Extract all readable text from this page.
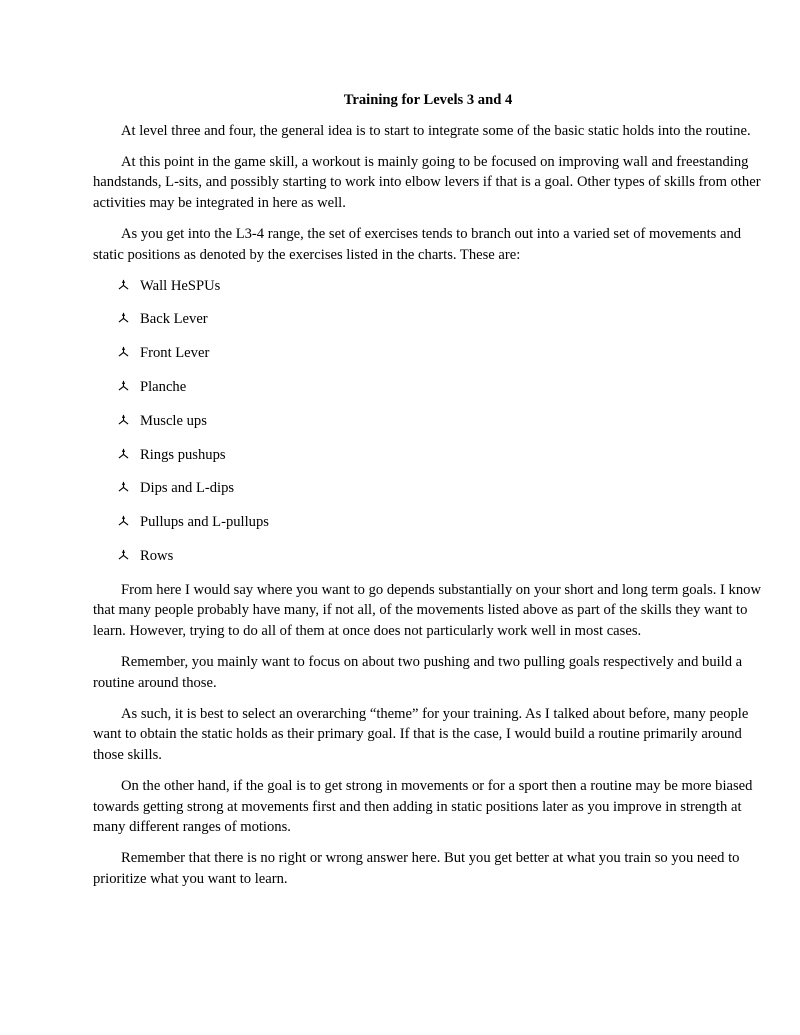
Training for Levels 3 and 4

At level three and four, the general idea is to start to integrate some of the basic static holds into the routine.

At this point in the game skill, a workout is mainly going to be focused on improving wall and freestanding handstands, L-sits, and possibly starting to work into elbow levers if that is a goal. Other types of skills from other activities may be integrated in here as well.

As you get into the L3-4 range, the set of exercises tends to branch out into a varied set of movements and static positions as denoted by the exercises listed in the charts. These are:

Wall HeSPUs
Back Lever
Front Lever
Planche
Muscle ups
Rings pushups
Dips and L-dips
Pullups and L-pullups
Rows

From here I would say where you want to go depends substantially on your short and long term goals. I know that many people probably have many, if not all, of the movements listed above as part of the skills they want to learn. However, trying to do all of them at once does not particularly work well in most cases.

Remember, you mainly want to focus on about two pushing and two pulling goals respectively and build a routine around those.

As such, it is best to select an overarching “theme” for your training. As I talked about before, many people want to obtain the static holds as their primary goal. If that is the case, I would build a routine primarily around those skills.

On the other hand, if the goal is to get strong in movements or for a sport then a routine may be more biased towards getting strong at movements first and then adding in static positions later as you improve in strength at many different ranges of motions.

Remember that there is no right or wrong answer here. But you get better at what you train so you need to prioritize what you want to learn.
